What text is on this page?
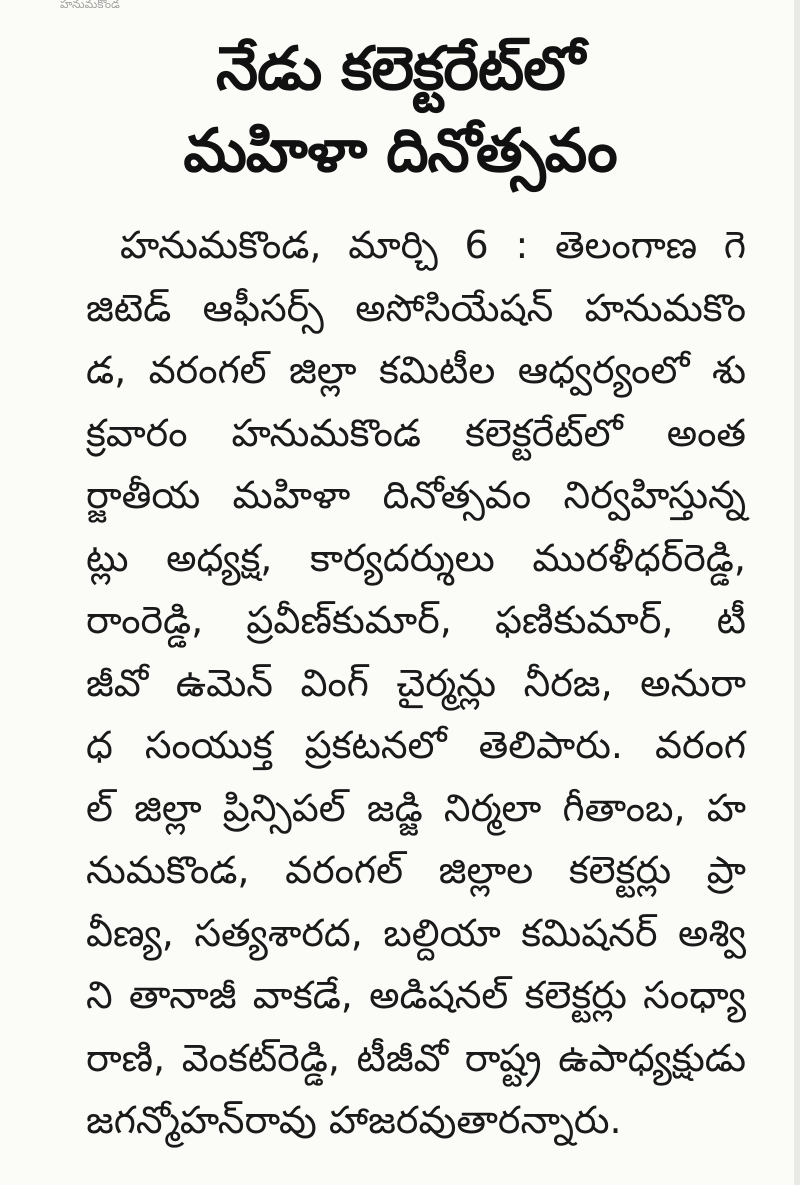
హనుమకొండ
నేడు కలెక్టరేట్‌లో
మహిళా దినోత్సవం
హనుమకొండ, మార్చి 6 : తెలంగాణ గె
జిటెడ్ ఆఫీసర్స్ అసోసియేషన్ హనుమకొం
డ, వరంగల్ జిల్లా కమిటీల ఆధ్వర్యంలో శు
క్రవారం హనుమకొండ కలెక్టరేట్‌లో అంత
ర్జాతీయ మహిళా దినోత్సవం నిర్వహిస్తున్న
ట్లు అధ్యక్ష, కార్యదర్శులు మురళీధర్‌రెడ్డి,
రాంరెడ్డి, ప్రవీణ్‌కుమార్, ఫణికుమార్, టీ
జీవో ఉమెన్ వింగ్ చైర్మన్లు నీరజ, అనురా
ధ సంయుక్త ప్రకటనలో తెలిపారు. వరంగ
ల్ జిల్లా ప్రిన్సిపల్ జడ్జి నిర్మలా గీతాంబ, హ
నుమకొండ, వరంగల్ జిల్లాల కలెక్టర్లు ప్రా
వీణ్య, సత్యశారద, బల్దియా కమిషనర్ అశ్వి
ని తానాజీ వాకడే, అడిషనల్ కలెక్టర్లు సంధ్యా
రాణి, వెంకట్‌రెడ్డి, టీజీవో రాష్ట్ర ఉపాధ్యక్షుడు
జగన్మోహన్‌రావు హాజరవుతారన్నారు.
